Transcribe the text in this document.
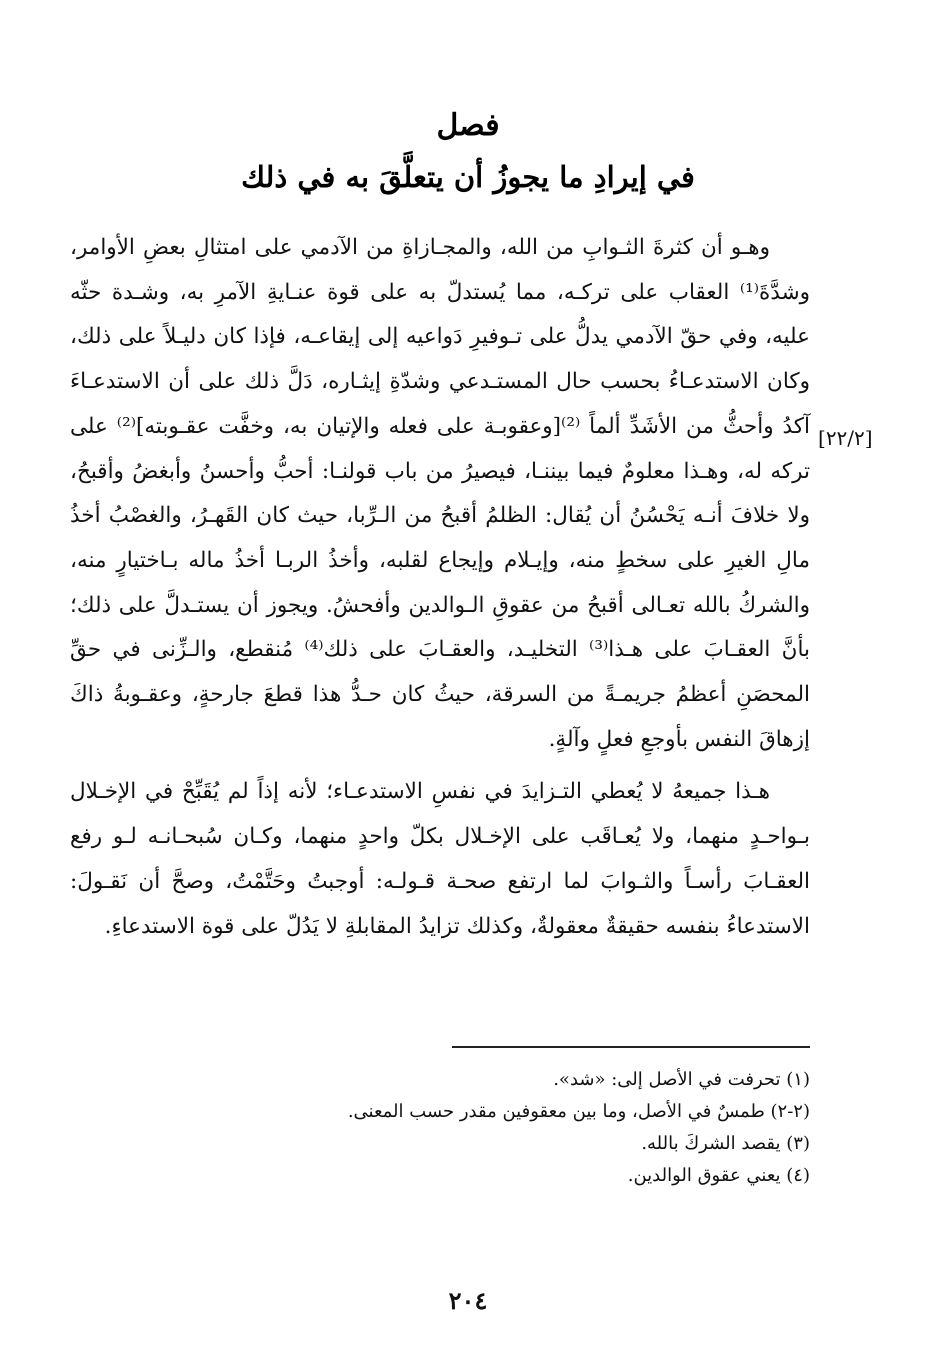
فصل
في إيرادِ ما يجوزُ أن يتعلَّقَ به في ذلك
[٢٢/٢]

وهـو أن كثرةَ الثـوابِ من الله، والمجـازاةِ من الآدمي على امتثالِ بعضِ الأوامر، وشدَّةَ⁽¹⁾ العقاب على تركـه، مما يُستدلّ به على قوة عنـايةِ الآمرِ به، وشـدة حثّه عليه، وفي حقّ الآدمي يدلُّ على تـوفيرِ دَواعيه إلى إيقاعـه، فإذا كان دليـلاً على ذلك، وكان الاستدعـاءُ بحسب حال المستـدعي وشدّةِ إيثـاره، دَلَّ ذلك على أن الاستدعـاءَ آكدُ وأحثُّ من الأشَدِّ ألماً ⁽²⁾[وعقوبـة على فعله والإتيان به، وخفَّت عقـوبته]⁽²⁾ على تركه له، وهـذا معلومٌ فيما بيننـا، فيصيرُ من باب قولنـا: أحبُّ وأحسنُ وأبغضُ وأقبحُ، ولا خلافَ أنـه يَحْسُنُ أن يُقال: الظلمُ أقبحُ من الـرِّبا، حيث كان القَهـرُ، والغصْبُ أخذُ مالِ الغيرِ على سخطٍ منه، وإيـلام وإيجاع لقلبه، وأخذُ الربـا أخذُ ماله بـاختيارٍ منه، والشركُ بالله تعـالى أقبحُ من عقوقِ الـوالدين وأفحشُ. ويجوز أن يستـدلَّ على ذلك؛ بأنَّ العقـابَ على هـذا⁽³⁾ التخليـد، والعقـابَ على ذلك⁽⁴⁾ مُنقطع، والـزِّنى في حقِّ المحصَنِ أعظمُ جريمـةً من السرقة، حيثُ كان حـدُّ هذا قطعَ جارحةٍ، وعقـوبةُ ذاكَ إزهاقَ النفس بأوجعِ فعلٍ وآلةٍ.

هـذا جميعهُ لا يُعطي التـزايدَ في نفسِ الاستدعـاء؛ لأنه إذاً لم يُقَبِّحْ في الإخـلال بـواحـدٍ منهما، ولا يُعـاقَب على الإخـلال بكلّ واحدٍ منهما، وكـان سُبحـانـه لـو رفع العقـابَ رأسـاً والثـوابَ لما ارتفع صحـة قـولـه: أوجبتُ وحَتَّمْتُ، وصحَّ أن نَقـولَ: الاستدعاءُ بنفسه حقيقةٌ معقولةٌ، وكذلك تزايدُ المقابلةِ لا يَدُلّ على قوة الاستدعاءِ.

(١) تحرفت في الأصل إلى: «شد».

(٢-٢) طمسٌ في الأصل، وما بين معقوفين مقدر حسب المعنى.

(٣) يقصد الشركَ بالله.

(٤) يعني عقوق الوالدين.

٢٠٤
